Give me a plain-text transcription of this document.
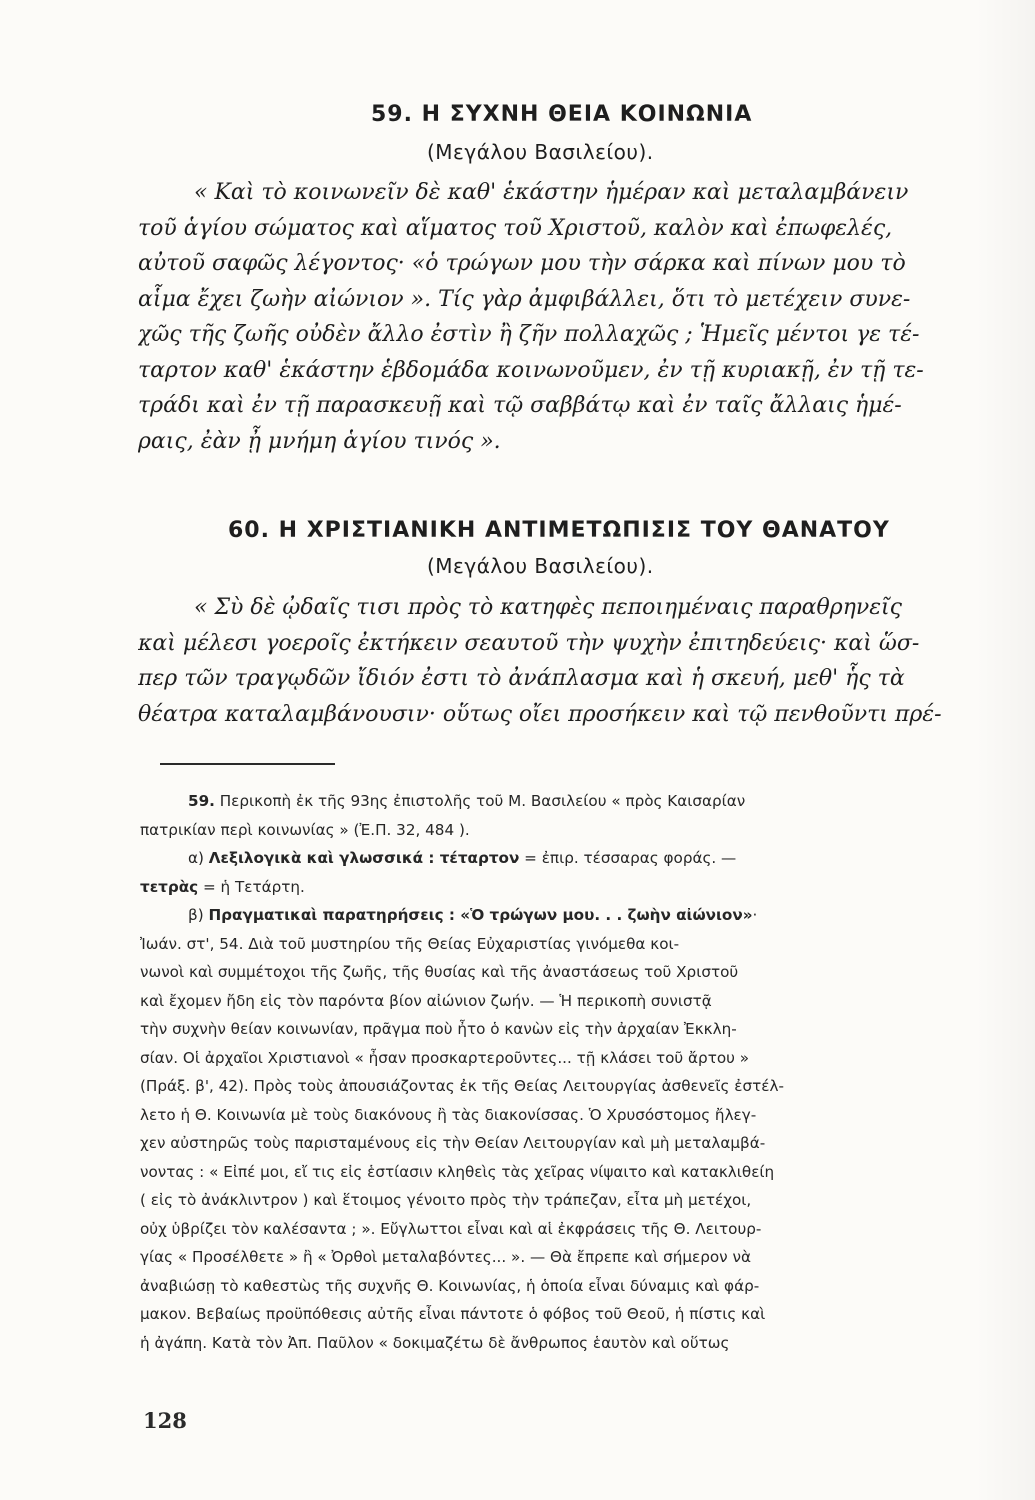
59. Η ΣΥΧΝΗ ΘΕΙΑ ΚΟΙΝΩΝΙΑ
(Μεγάλου Βασιλείου).
« Καὶ τὸ κοινωνεῖν δὲ καθ' ἑκάστην ἡμέραν καὶ μεταλαμβάνειν
τοῦ ἁγίου σώματος καὶ αἵματος τοῦ Χριστοῦ, καλὸν καὶ ἐπωφελές,
αὐτοῦ σαφῶς λέγοντος· «ὁ τρώγων μου τὴν σάρκα καὶ πίνων μου τὸ
αἷμα ἔχει ζωὴν αἰώνιον ». Τίς γὰρ ἀμφιβάλλει, ὅτι τὸ μετέχειν συνε-
χῶς τῆς ζωῆς οὐδὲν ἄλλο ἐστὶν ἢ ζῆν πολλαχῶς ; Ἡμεῖς μέντοι γε τέ-
ταρτον καθ' ἑκάστην ἑβδομάδα κοινωνοῦμεν, ἐν τῇ κυριακῇ, ἐν τῇ τε-
τράδι καὶ ἐν τῇ παρασκευῇ καὶ τῷ σαββάτῳ καὶ ἐν ταῖς ἄλλαις ἡμέ-
ραις, ἐὰν ᾖ μνήμη ἁγίου τινός ».
60. Η ΧΡΙΣΤΙΑΝΙΚΗ ΑΝΤΙΜΕΤΩΠΙΣΙΣ ΤΟΥ ΘΑΝΑΤΟΥ
(Μεγάλου Βασιλείου).
« Σὺ δὲ ᾠδαῖς τισι πρὸς τὸ κατηφὲς πεποιημέναις παραθρηνεῖς
καὶ μέλεσι γοεροῖς ἐκτήκειν σεαυτοῦ τὴν ψυχὴν ἐπιτηδεύεις· καὶ ὥσ-
περ τῶν τραγῳδῶν ἴδιόν ἐστι τὸ ἀνάπλασμα καὶ ἡ σκευή, μεθ' ἧς τὰ
θέατρα καταλαμβάνουσιν· οὕτως οἴει προσήκειν καὶ τῷ πενθοῦντι πρέ-
59. Περικοπὴ ἐκ τῆς 93ης ἐπιστολῆς τοῦ Μ. Βασιλείου « πρὸς Καισαρίαν
πατρικίαν περὶ κοινωνίας » (Ἐ.Π. 32, 484 ).
α) Λεξιλογικὰ καὶ γλωσσικά : τέταρτον = ἐπιρ. τέσσαρας φοράς. —
τετρὰς = ἡ Τετάρτη.
β) Πραγματικαὶ παρατηρήσεις : «Ὁ τρώγων μου. . . ζωὴν αἰώνιον»·
Ἰωάν. στ', 54. Διὰ τοῦ μυστηρίου τῆς Θείας Εὐχαριστίας γινόμεθα κοι-
νωνοὶ καὶ συμμέτοχοι τῆς ζωῆς, τῆς θυσίας καὶ τῆς ἀναστάσεως τοῦ Χριστοῦ
καὶ ἔχομεν ἤδη εἰς τὸν παρόντα βίον αἰώνιον ζωήν. — Ἡ περικοπὴ συνιστᾷ
τὴν συχνὴν θείαν κοινωνίαν, πρᾶγμα ποὺ ἦτο ὁ κανὼν εἰς τὴν ἀρχαίαν Ἐκκλη-
σίαν. Οἱ ἀρχαῖοι Χριστιανοὶ « ἦσαν προσκαρτεροῦντες... τῇ κλάσει τοῦ ἄρτου »
(Πράξ. β', 42). Πρὸς τοὺς ἀπουσιάζοντας ἐκ τῆς Θείας Λειτουργίας ἀσθενεῖς ἐστέλ-
λετο ἡ Θ. Κοινωνία μὲ τοὺς διακόνους ἢ τὰς διακονίσσας. Ὁ Χρυσόστομος ἤλεγ-
χεν αὐστηρῶς τοὺς παρισταμένους εἰς τὴν Θείαν Λειτουργίαν καὶ μὴ μεταλαμβά-
νοντας : « Εἰπέ μοι, εἴ τις εἰς ἑστίασιν κληθεὶς τὰς χεῖρας νίψαιτο καὶ κατακλιθείη
( εἰς τὸ ἀνάκλιντρον ) καὶ ἕτοιμος γένοιτο πρὸς τὴν τράπεζαν, εἶτα μὴ μετέχοι,
οὐχ ὑβρίζει τὸν καλέσαντα ; ». Εὔγλωττοι εἶναι καὶ αἱ ἐκφράσεις τῆς Θ. Λειτουρ-
γίας « Προσέλθετε » ἢ « Ὀρθοὶ μεταλαβόντες... ». — Θὰ ἔπρεπε καὶ σήμερον νὰ
ἀναβιώσῃ τὸ καθεστὼς τῆς συχνῆς Θ. Κοινωνίας, ἡ ὁποία εἶναι δύναμις καὶ φάρ-
μακον. Βεβαίως προϋπόθεσις αὐτῆς εἶναι πάντοτε ὁ φόβος τοῦ Θεοῦ, ἡ πίστις καὶ
ἡ ἀγάπη. Κατὰ τὸν Ἀπ. Παῦλον « δοκιμαζέτω δὲ ἄνθρωπος ἑαυτὸν καὶ οὕτως
128
